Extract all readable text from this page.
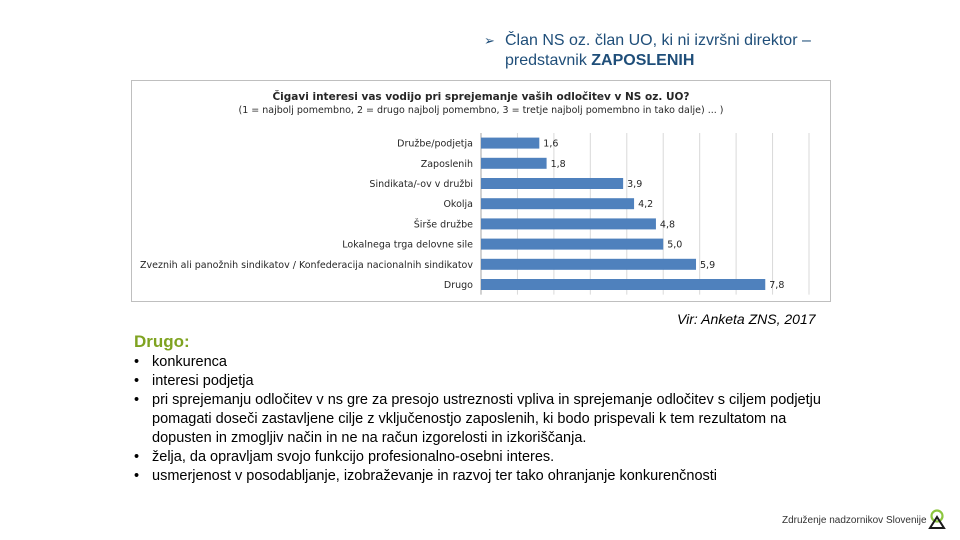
➢ Član NS oz. član UO, ki ni izvršni direktor –
predstavnik ZAPOSLENIH
Čigavi interesi vas vodijo pri sprejemanje vaših odločitev v NS oz. UO?
(1 = najbolj pomembno, 2 = drugo najbolj pomembno, 3 = tretje najbolj pomembno in tako dalje) ... )
Družbe/podjetja	1,6
Zaposlenih	1,8
Sindikata/-ov v družbi	3,9
Okolja	4,2
Širše družbe	4,8
Lokalnega trga delovne sile	5,0
Zveznih ali panožnih sindikatov / Konfederacija nacionalnih sindikatov	5,9
Drugo	7,8
Vir: Anketa ZNS, 2017
Drugo:
• konkurenca
• interesi podjetja
• pri sprejemanju odločitev v ns gre za presojo ustreznosti vpliva in sprejemanje odločitev s ciljem podjetju pomagati doseči zastavljene cilje z vključenostjo zaposlenih, ki bodo prispevali k tem rezultatom na dopusten in zmogljiv način in ne na račun izgorelosti in izkoriščanja.
• želja, da opravljam svojo funkcijo profesionalno-osebni interes.
• usmerjenost v posodabljanje, izobraževanje in razvoj ter tako ohranjanje konkurenčnosti
Združenje nadzornikov Slovenije
